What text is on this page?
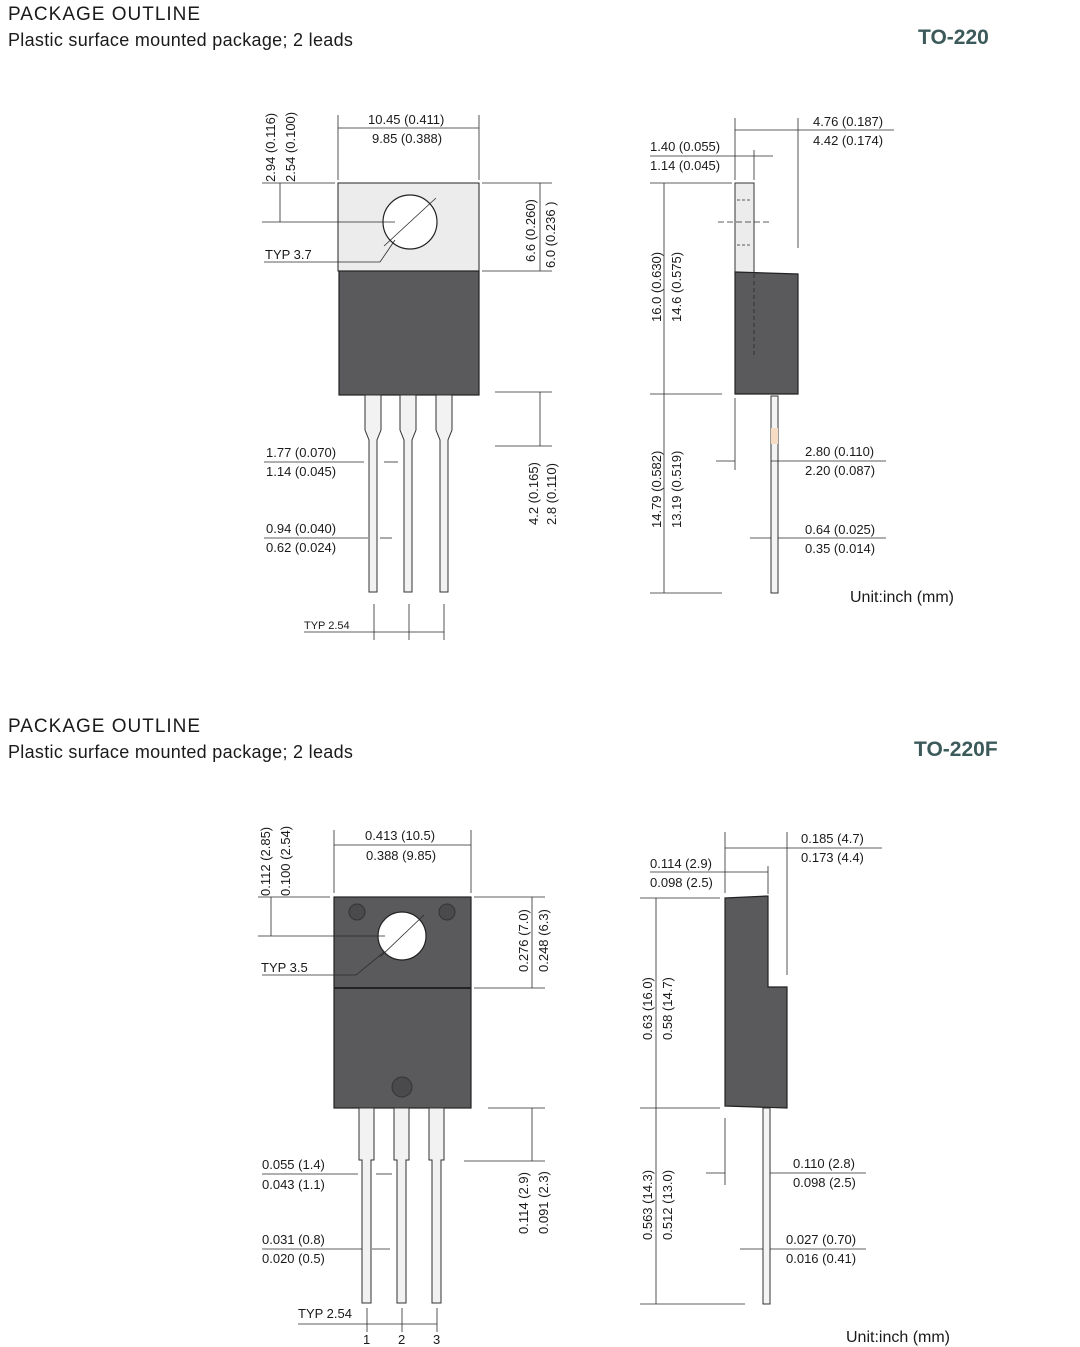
PACKAGE OUTLINE
Plastic surface mounted package; 2 leads	TO-220
PACKAGE OUTLINE
Plastic surface mounted package; 2 leads	TO-220F
10.45 (0.411)
9.85 (0.388)
2.94 (0.116) 2.54 (0.100)
TYP 3.7	6.6 (0.260) 6.0 (0.236 )
4.2 (0.165) 2.8 (0.110)
1.77 (0.070)
1.14 (0.045)
0.94 (0.040)
0.62 (0.024)
TYP 2.54
4.76 (0.187)
4.42 (0.174)
1.40 (0.055)
1.14 (0.045)
16.0 (0.630) 14.6 (0.575)
14.79 (0.582) 13.19 (0.519)	2.80 (0.110)
2.20 (0.087)
0.64 (0.025)
0.35 (0.014)
Unit:inch (mm)
0.413 (10.5)
0.388 (9.85)
0.112 (2.85) 0.100 (2.54)
TYP 3.5	0.276 (7.0) 0.248 (6.3)
0.114 (2.9) 0.091 (2.3)
0.055 (1.4)
0.043 (1.1)
0.031 (0.8)
0.020 (0.5)
TYP 2.54
1 2 3
0.185 (4.7)
0.173 (4.4)
0.114 (2.9)
0.098 (2.5)
0.63 (16.0) 0.58 (14.7)
0.563 (14.3) 0.512 (13.0)
0.110 (2.8)
0.098 (2.5)
0.027 (0.70)
0.016 (0.41)
Unit:inch (mm)
